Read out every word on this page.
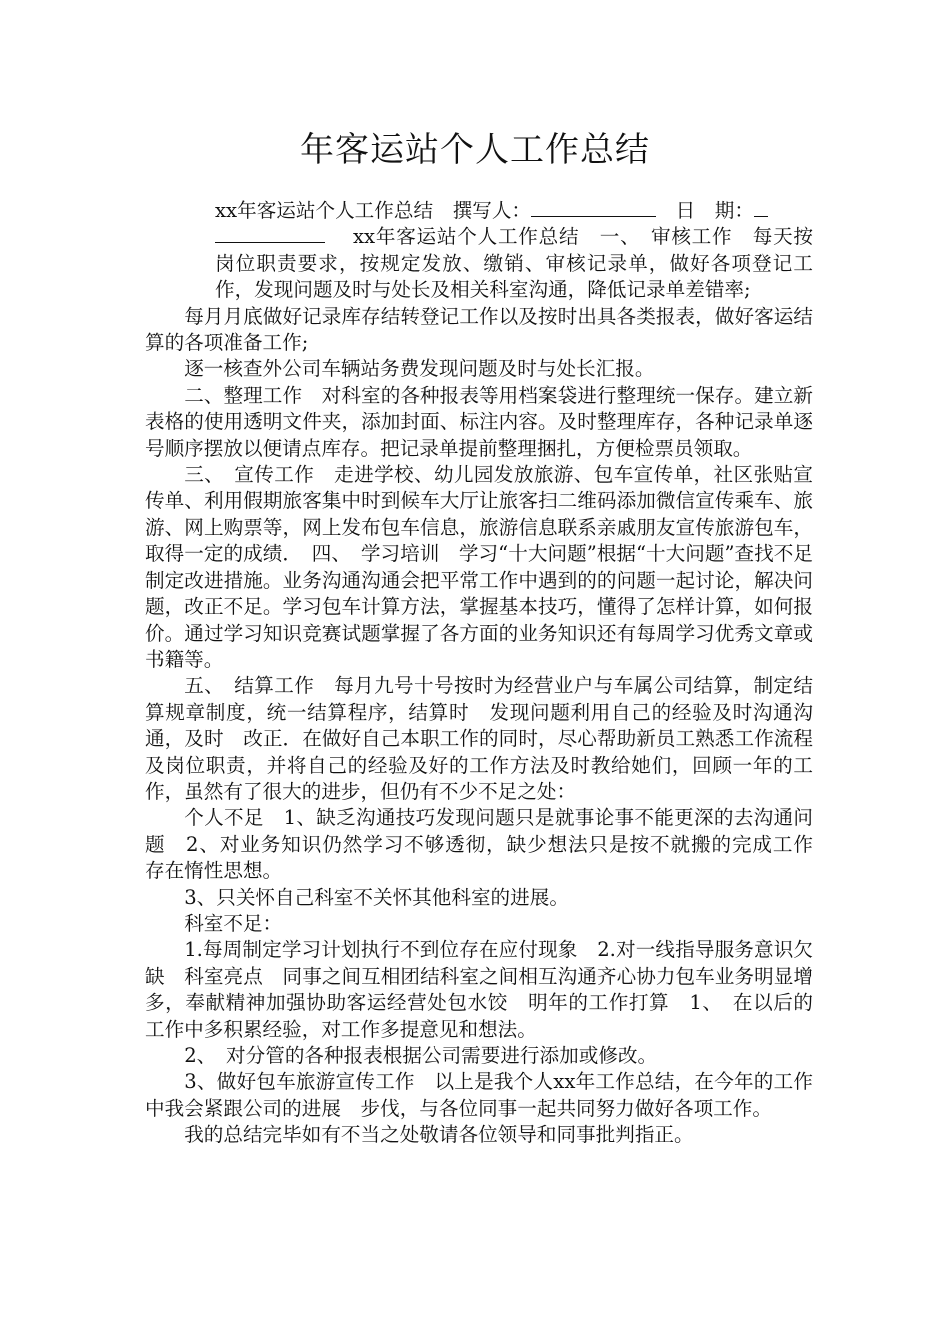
年客运站个人工作总结

xx年客运站个人工作总结　 撰写人：　	日　期：
xx年客运站个人工作总结　 一、　审核工作　每天按岗位职责要求，按规定发放、缴销、审核记录单，做好各项登记工作，发现问题及时与处长及相关科室沟通，降低记录单差错率;

每月月底做好记录库存结转登记工作以及按时出具各类报表，做好客运结算的各项准备工作;

逐一核查外公司车辆站务费发现问题及时与处长汇报。

二、整理工作　对科室的各种报表等用档案袋进行整理统一保存。建立新表格的使用透明文件夹，添加封面、标注内容。及时整理库存，各种记录单逐号顺序摆放以便请点库存。把记录单提前整理捆扎，方便检票员领取。

三、　宣传工作　走进学校、幼儿园发放旅游、包车宣传单，社区张贴宣传单、利用假期旅客集中时到候车大厅让旅客扫二维码添加微信宣传乘车、旅游、网上购票等，网上发布包车信息，旅游信息联系亲戚朋友宣传旅游包车，取得一定的成绩．　四、　学习培训　学习“十大问题”根据“十大问题”查找不足制定改进措施。业务沟通沟通会把平常工作中遇到的的问题一起讨论，解决问题，改正不足。学习包车计算方法，掌握基本技巧，懂得了怎样计算，如何报价。通过学习知识竞赛试题掌握了各方面的业务知识还有每周学习优秀文章或书籍等。

五、　结算工作　每月九号十号按时为经营业户与车属公司结算，制定结算规章制度，统一结算程序，结算时　发现问题利用自己的经验及时沟通沟通，及时　改正．在做好自己本职工作的同时，尽心帮助新员工熟悉工作流程及岗位职责，并将自己的经验及好的工作方法及时教给她们，回顾一年的工作，虽然有了很大的进步，但仍有不少不足之处：

个人不足　1、缺乏沟通技巧发现问题只是就事论事不能更深的去沟通问题　2、对业务知识仍然学习不够透彻，缺少想法只是按不就搬的完成工作　存在惰性思想。

3、只关怀自己科室不关怀其他科室的进展。

科室不足：

1.每周制定学习计划执行不到位存在应付现象　2.对一线指导服务意识欠缺　科室亮点　同事之间互相团结科室之间相互沟通齐心协力包车业务明显增多，奉献精神加强协助客运经营处包水饺　明年的工作打算　1、　在以后的工作中多积累经验，对工作多提意见和想法。

2、　对分管的各种报表根据公司需要进行添加或修改。

3、做好包车旅游宣传工作　以上是我个人xx年工作总结，在今年的工作中我会紧跟公司的进展　步伐，与各位同事一起共同努力做好各项工作。

我的总结完毕如有不当之处敬请各位领导和同事批判指正。
